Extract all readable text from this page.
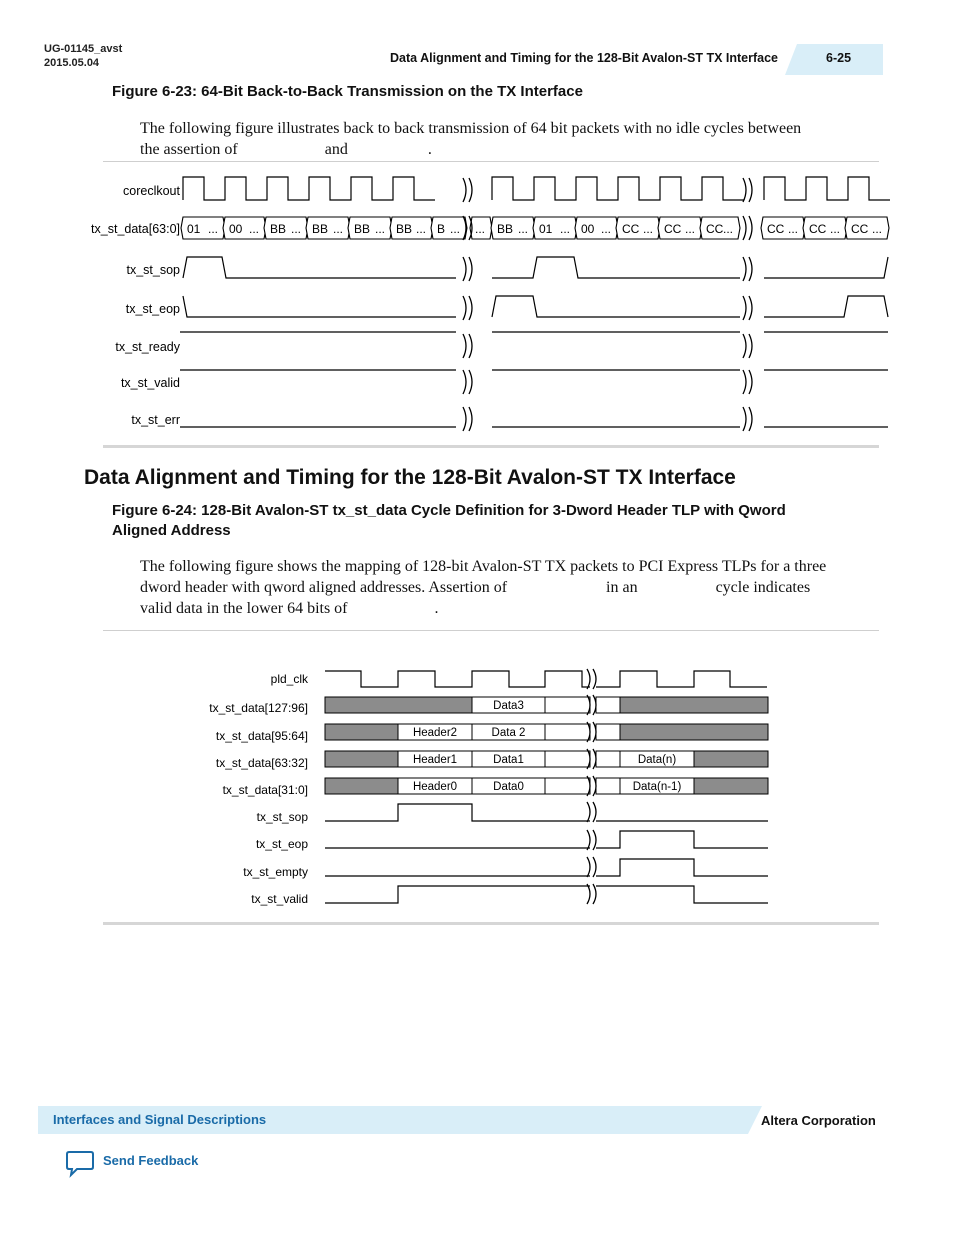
UG-01145_avst
2015.05.04	Data Alignment and Timing for the 128-Bit Avalon-ST TX Interface	6-25
Figure 6-23: 64-Bit Back-to-Back Transmission on the TX Interface
The following figure illustrates back to back transmission of 64 bit packets with no idle cycles between
the assertion of	and	.
coreclkout
tx_st_data[63:0]
tx_st_sop
tx_st_eop
tx_st_ready
tx_st_valid
tx_st_err
01 ... 00 ... BB ... BB ... BB ... BB ... B ... ... BB ... 01 ... 00 ... CC ... CC ... CC ...	CC ... CC ... CC ...
Data Alignment and Timing for the 128-Bit Avalon-ST TX Interface
Figure 6-24: 128-Bit Avalon-ST tx_st_data Cycle Definition for 3-Dword Header TLP with Qword
Aligned Address
The following figure shows the mapping of 128-bit Avalon-ST TX packets to PCI Express TLPs for a three
dword header with qword aligned addresses. Assertion of	in an	cycle indicates
valid data in the lower 64 bits of	.
pld_clk
tx_st_data[127:96]
tx_st_data[95:64]
tx_st_data[63:32]
tx_st_data[31:0]
tx_st_sop
tx_st_eop
tx_st_empty
tx_st_valid
Data3
Header2	Data 2
Header1	Data1	Data(n)
Header0	Data0	Data(n-1)
Interfaces and Signal Descriptions	Altera Corporation
Send Feedback
